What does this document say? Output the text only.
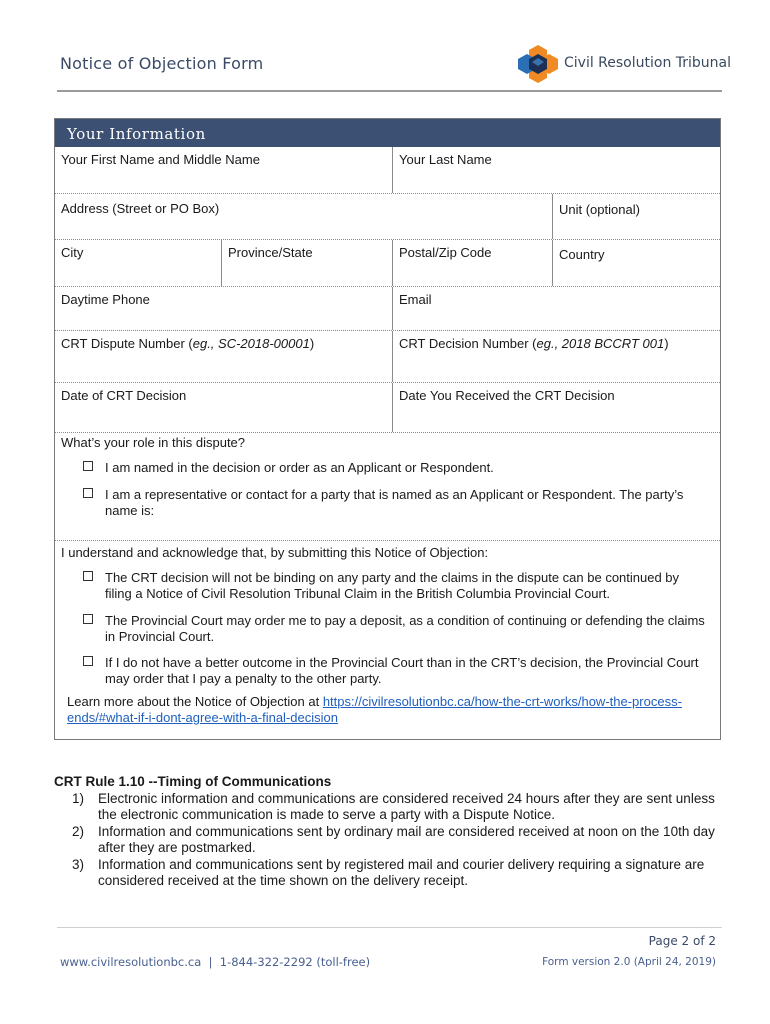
Notice of Objection Form	Civil Resolution Tribunal
Your Information
Your First Name and Middle Name	Your Last Name
Address (Street or PO Box)	Unit (optional)
City	Province/State	Postal/Zip Code	Country
Daytime Phone	Email
CRT Dispute Number (eg., SC-2018-00001)	CRT Decision Number (eg., 2018 BCCRT 001)
Date of CRT Decision	Date You Received the CRT Decision
What’s your role in this dispute?
I am named in the decision or order as an Applicant or Respondent.
I am a representative or contact for a party that is named as an Applicant or Respondent. The party’s name is:
I understand and acknowledge that, by submitting this Notice of Objection:
The CRT decision will not be binding on any party and the claims in the dispute can be continued by filing a Notice of Civil Resolution Tribunal Claim in the British Columbia Provincial Court.
The Provincial Court may order me to pay a deposit, as a condition of continuing or defending the claims in Provincial Court.
If I do not have a better outcome in the Provincial Court than in the CRT’s decision, the Provincial Court may order that I pay a penalty to the other party.
Learn more about the Notice of Objection at https://civilresolutionbc.ca/how-the-crt-works/how-the-process-ends/#what-if-i-dont-agree-with-a-final-decision
CRT Rule 1.10 --Timing of Communications
1) Electronic information and communications are considered received 24 hours after they are sent unless the electronic communication is made to serve a party with a Dispute Notice.
2) Information and communications sent by ordinary mail are considered received at noon on the 10th day after they are postmarked.
3) Information and communications sent by registered mail and courier delivery requiring a signature are considered received at the time shown on the delivery receipt.
Page 2 of 2
www.civilresolutionbc.ca  |  1-844-322-2292 (toll-free)	Form version 2.0 (April 24, 2019)
